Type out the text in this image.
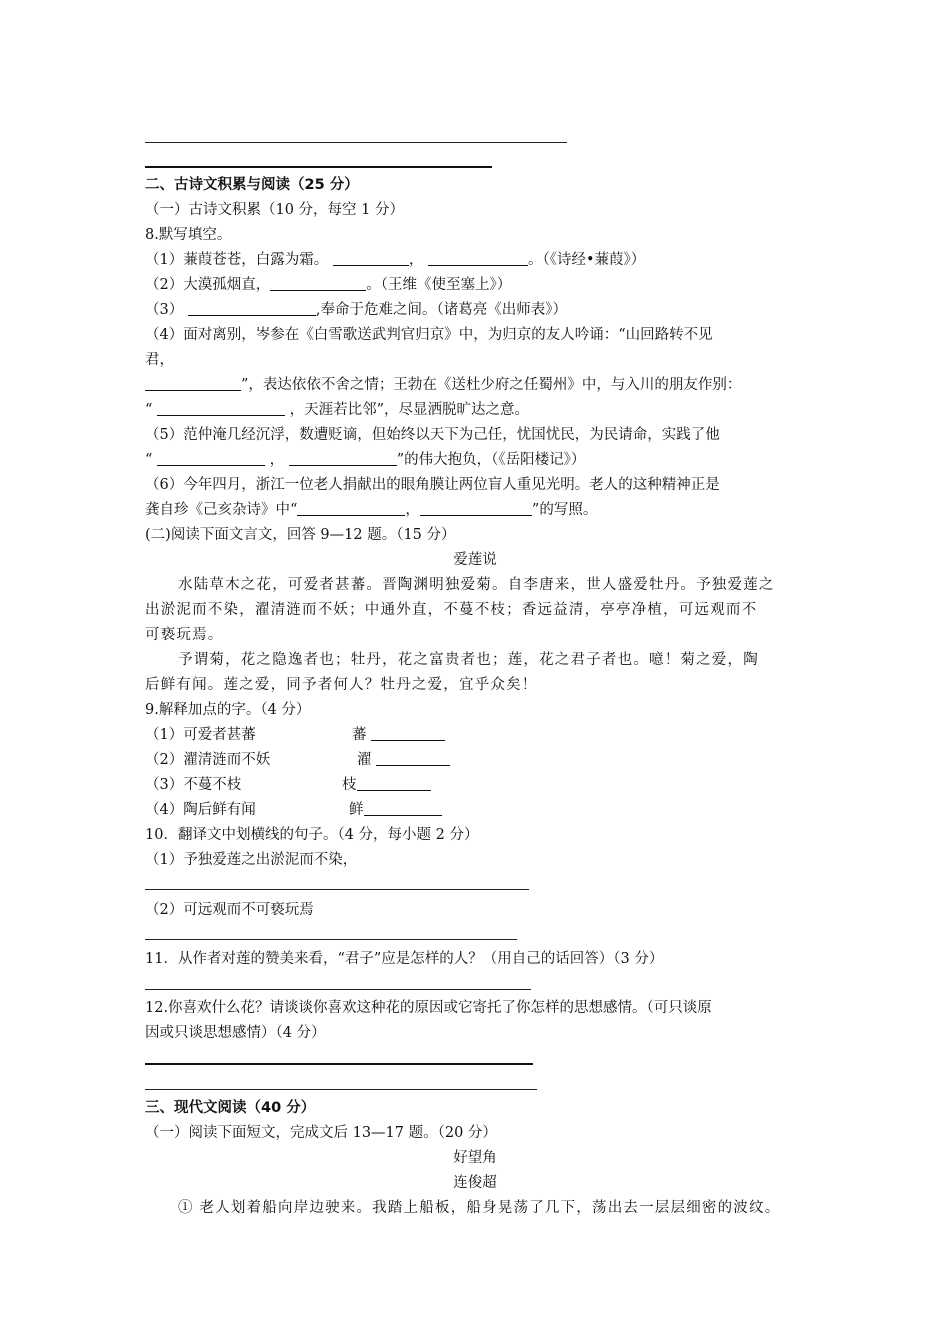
二、古诗文积累与阅读（25 分）
（一）古诗文积累（10 分，每空 1 分）
8.默写填空。
（1）蒹葭苍苍，白露为霜。	，	。（《诗经•蒹葭》）
（2）大漠孤烟直，	。（王维《使至塞上》）
（3）	,奉命于危难之间。（诸葛亮《出师表》）
（4）面对离别，岑参在《白雪歌送武判官归京》中，为归京的友人吟诵：“山回路转不见
君，
”，表达依依不舍之情；王勃在《送杜少府之任蜀州》中，与入川的朋友作别：
“	，天涯若比邻”，尽显洒脱旷达之意。
（5）范仲淹几经沉浮，数遭贬谪，但始终以天下为己任，忧国忧民，为民请命，实践了他
“	，	”的伟大抱负，（《岳阳楼记》）
（6）今年四月，浙江一位老人捐献出的眼角膜让两位盲人重见光明。老人的这种精神正是
龚自珍《己亥杂诗》中“	，	”的写照。
(二)阅读下面文言文，回答 9—12 题。（15 分）
爱莲说
水陆草木之花，可爱者甚蕃。晋陶渊明独爱菊。自李唐来，世人盛爱牡丹。予独爱莲之
出淤泥而不染，濯清涟而不妖；中通外直，不蔓不枝；香远益清，亭亭净植，可远观而不
可亵玩焉。
予谓菊，花之隐逸者也；牡丹，花之富贵者也；莲，花之君子者也。噫！菊之爱，陶
后鲜有闻。莲之爱，同予者何人？牡丹之爱，宜乎众矣！
9.解释加点的字。（4 分）
（1）可爱者甚蕃	蕃
（2）濯清涟而不妖	濯
（3）不蔓不枝	枝
（4）陶后鲜有闻	鲜
10．翻译文中划横线的句子。（4 分，每小题 2 分）
（1）予独爱莲之出淤泥而不染，
（2）可远观而不可亵玩焉
11．从作者对莲的赞美来看，“君子”应是怎样的人？（用自己的话回答）（3 分）
12.你喜欢什么花？请谈谈你喜欢这种花的原因或它寄托了你怎样的思想感情。（可只谈原
因或只谈思想感情）（4 分）
三、现代文阅读（40 分）
（一）阅读下面短文，完成文后 13—17 题。（20 分）
好望角
连俊超
① 老人划着船向岸边驶来。我踏上船板，船身晃荡了几下，荡出去一层层细密的波纹。
